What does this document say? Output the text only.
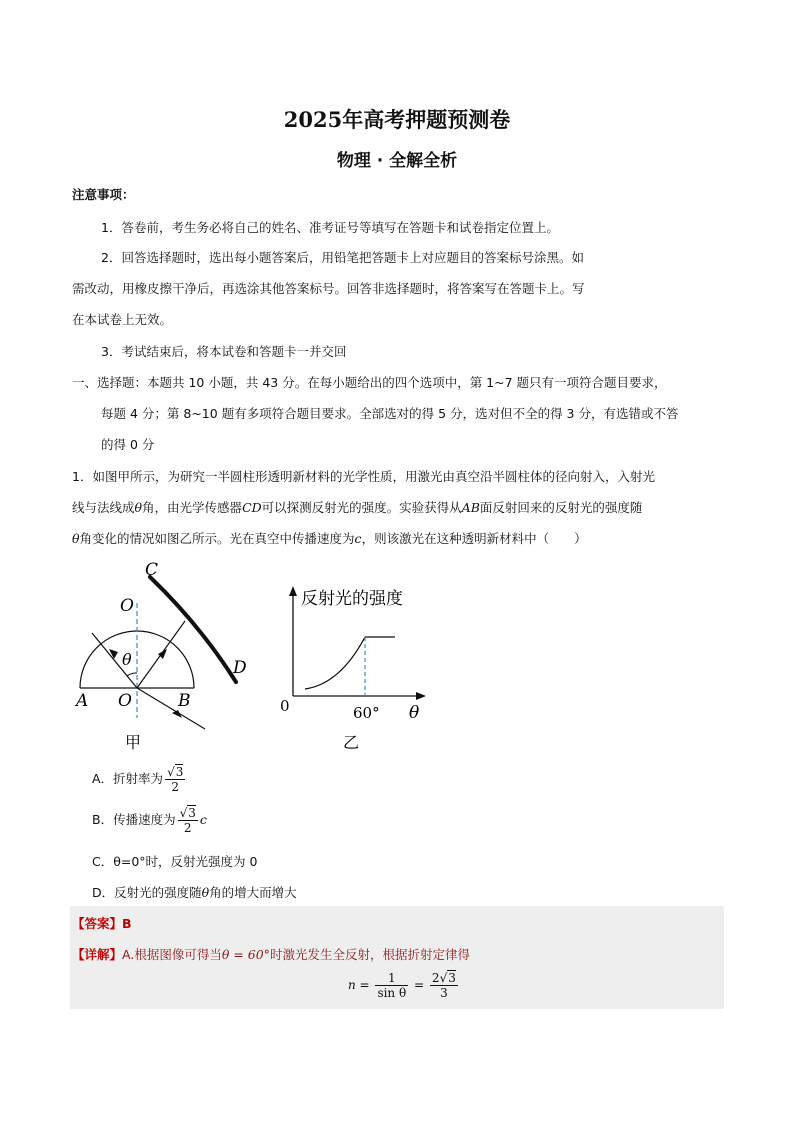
2025年高考押题预测卷
物理 · 全解全析
注意事项：
1．答卷前，考生务必将自己的姓名、准考证号等填写在答题卡和试卷指定位置上。
2．回答选择题时，选出每小题答案后，用铅笔把答题卡上对应题目的答案标号涂黑。如
需改动，用橡皮擦干净后，再选涂其他答案标号。回答非选择题时，将答案写在答题卡上。写
在本试卷上无效。
3．考试结束后，将本试卷和答题卡一并交回
一、选择题：本题共 10 小题，共 43 分。在每小题给出的四个选项中，第 1~7 题只有一项符合题目要求，
每题 4 分；第 8~10 题有多项符合题目要求。全部选对的得 5 分，选对但不全的得 3 分，有选错或不答
的得 0 分
1．如图甲所示，为研究一半圆柱形透明新材料的光学性质，用激光由真空沿半圆柱体的径向射入，入射光
线与法线成θ角，由光学传感器CD可以探测反射光的强度。实验获得从AB面反射回来的反射光的强度随
θ角变化的情况如图乙所示。光在真空中传播速度为c，则该激光在这种透明新材料中（　　）
C
O
θ	D
A O	B
甲
反射光的强度
0	60° θ
乙
A．折射率为 $\frac{√3}{2}$
B．传播速度为 $\frac{√3}{2}$ c
C．θ=0°时，反射光强度为 0
D．反射光的强度随θ角的增大而增大
【答案】B
【详解】A.根据图像可得当θ = 60°时激光发生全反射，根据折射定律得
$n = \frac{1}{\text{sin θ}} = \frac{2√3}{3}$
